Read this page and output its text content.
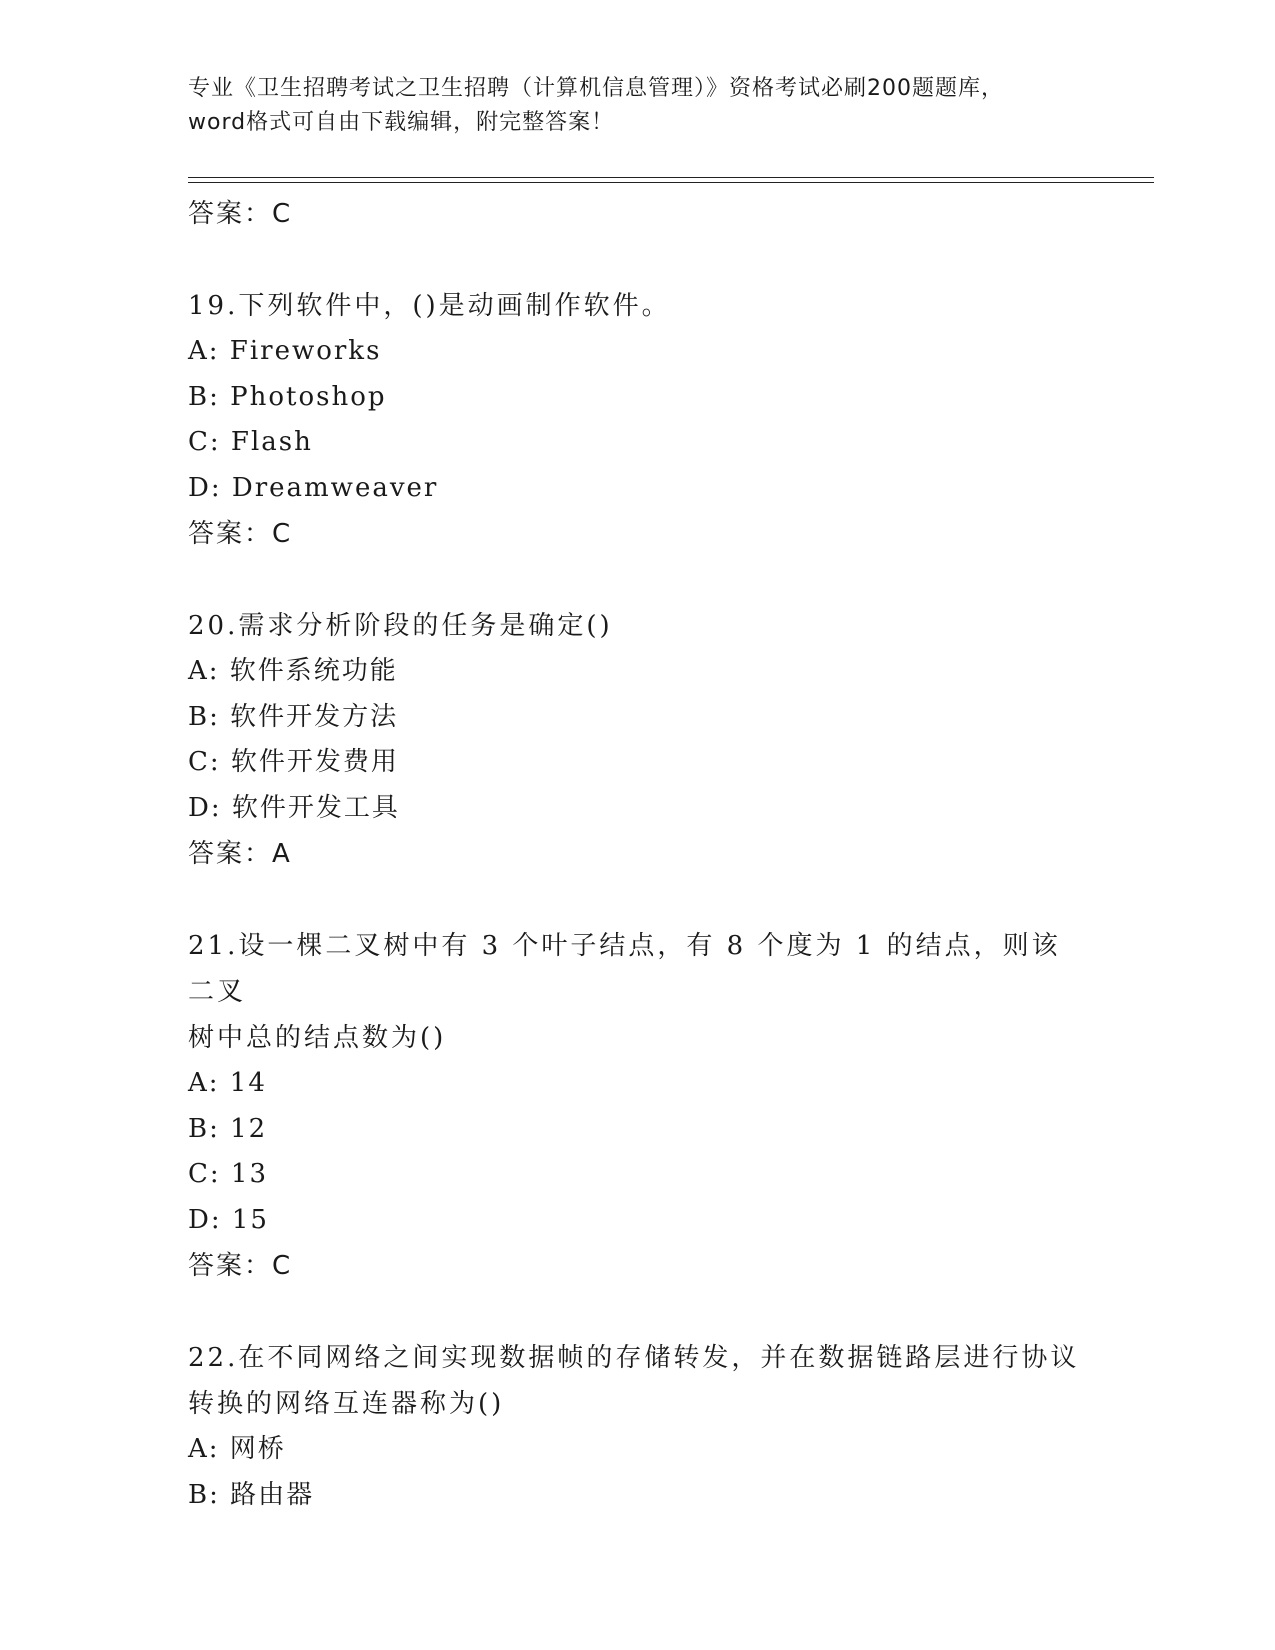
专业《卫生招聘考试之卫生招聘（计算机信息管理）》资格考试必刷200题题库，
word格式可自由下载编辑，附完整答案！
答案：C
19.下列软件中，()是动画制作软件。
A: Fireworks
B: Photoshop
C: Flash
D: Dreamweaver
答案：C
20.需求分析阶段的任务是确定()
A: 软件系统功能
B: 软件开发方法
C: 软件开发费用
D: 软件开发工具
答案：A
21.设一棵二叉树中有 3 个叶子结点，有 8 个度为 1 的结点，则该二叉
树中总的结点数为()
A: 14
B: 12
C: 13
D: 15
答案：C
22.在不同网络之间实现数据帧的存储转发，并在数据链路层进行协议
转换的网络互连器称为()
A: 网桥
B: 路由器
